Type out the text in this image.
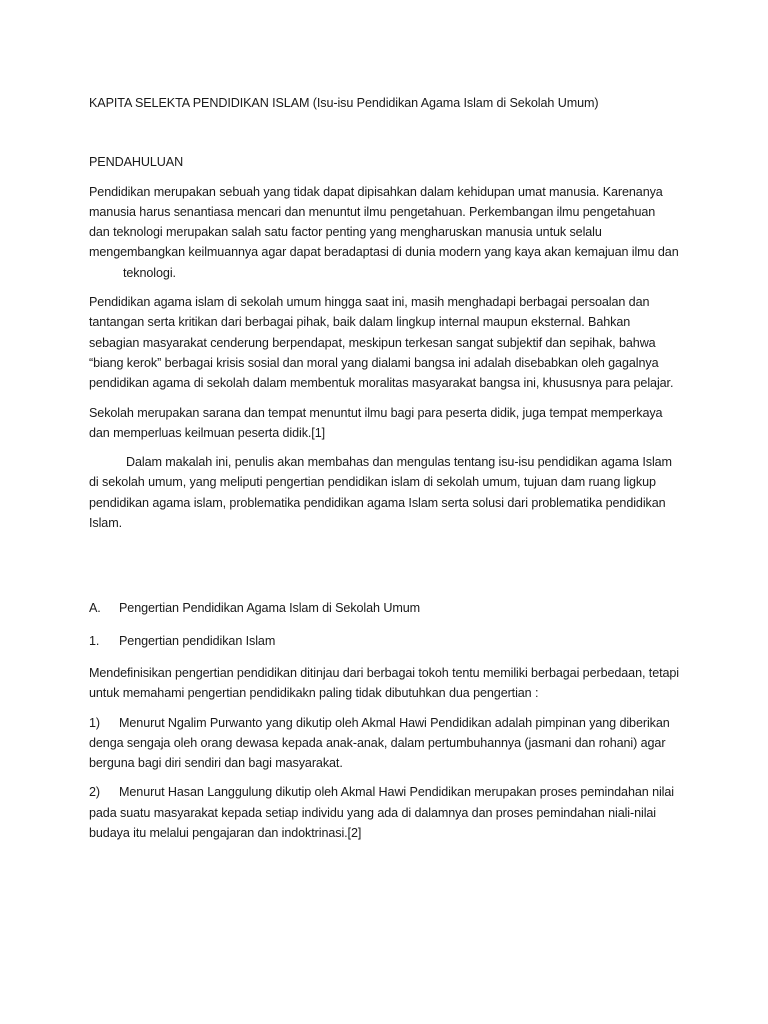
KAPITA SELEKTA PENDIDIKAN ISLAM (Isu-isu Pendidikan Agama Islam di Sekolah Umum)

PENDAHULUAN

Pendidikan merupakan sebuah yang tidak dapat dipisahkan dalam kehidupan umat manusia. Karenanya manusia harus senantiasa mencari dan menuntut ilmu pengetahuan. Perkembangan ilmu pengetahuan dan teknologi merupakan salah satu factor penting yang mengharuskan manusia untuk selalu mengembangkan keilmuannya agar dapat beradaptasi di dunia modern yang kaya akan kemajuan ilmu danteknologi.

Pendidikan agama islam di sekolah umum hingga saat ini, masih menghadapi berbagai persoalan dan tantangan serta kritikan dari berbagai pihak, baik dalam lingkup internal maupun eksternal. Bahkan sebagian masyarakat cenderung berpendapat, meskipun terkesan sangat subjektif dan sepihak, bahwa “biang kerok” berbagai krisis sosial dan moral yang dialami bangsa ini adalah disebabkan oleh gagalnya pendidikan agama di sekolah dalam membentuk moralitas masyarakat bangsa ini, khususnya para pelajar.

Sekolah merupakan sarana dan tempat menuntut ilmu bagi para peserta didik, juga tempat memperkaya dan memperluas keilmuan peserta didik.[1]

Dalam makalah ini, penulis akan membahas dan mengulas tentang isu-isu pendidikan agama Islam di sekolah umum, yang meliputi pengertian pendidikan islam di sekolah umum, tujuan dam ruang ligkup pendidikan agama islam, problematika pendidikan agama Islam serta solusi dari problematika pendidikan Islam.

A.	Pengertian Pendidikan Agama Islam di Sekolah Umum

1.	Pengertian pendidikan Islam

Mendefinisikan pengertian pendidikan ditinjau dari berbagai tokoh tentu memiliki berbagai perbedaan, tetapi untuk memahami pengertian pendidikakn paling tidak dibutuhkan dua pengertian :

1) Menurut Ngalim Purwanto yang dikutip oleh Akmal Hawi Pendidikan adalah pimpinan yang diberikan denga sengaja oleh orang dewasa kepada anak-anak, dalam pertumbuhannya (jasmani dan rohani) agar berguna bagi diri sendiri dan bagi masyarakat.

2) Menurut Hasan Langgulung dikutip oleh Akmal Hawi Pendidikan merupakan proses pemindahan nilai pada suatu masyarakat kepada setiap individu yang ada di dalamnya dan proses pemindahan niali-nilai budaya itu melalui pengajaran dan indoktrinasi.[2]
